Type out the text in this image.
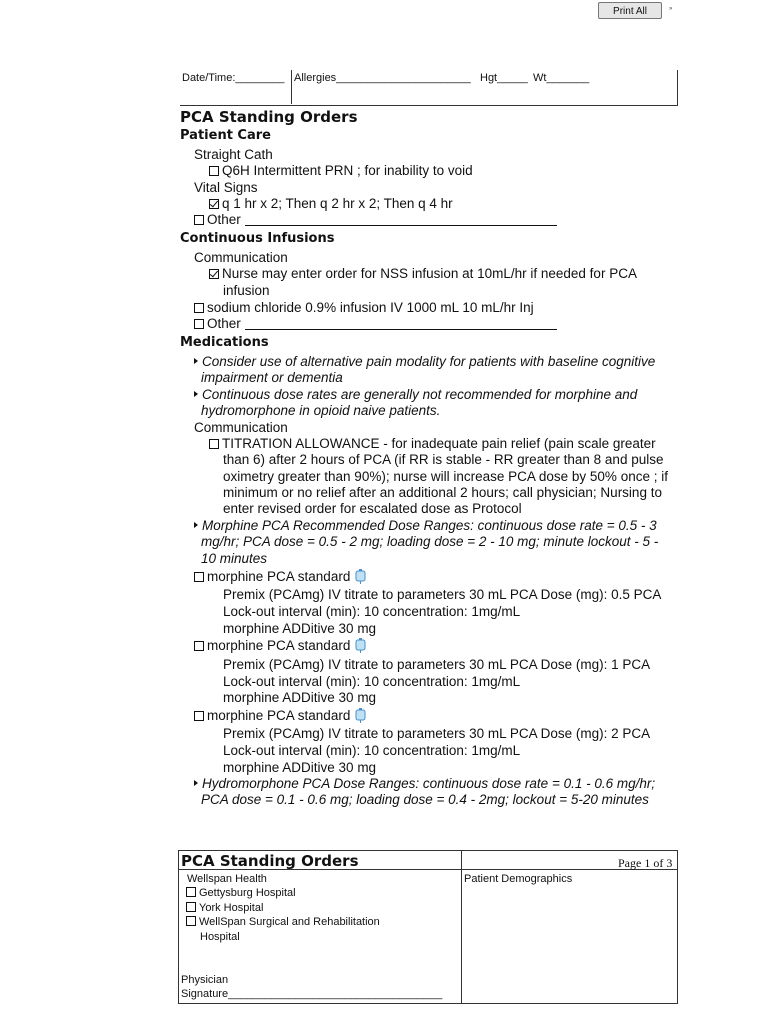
Print All	»
Date/Time:________ Allergies______________________ Hgt_____ Wt_______
PCA Standing Orders
Patient Care
Straight Cath
Q6H Intermittent PRN ; for inability to void
Vital Signs
q 1 hr x 2; Then q 2 hr x 2; Then q 4 hr
Other
Continuous Infusions
Communication
Nurse may enter order for NSS infusion at 10mL/hr if needed for PCA
infusion
sodium chloride 0.9% infusion IV 1000 mL 10 mL/hr Inj
Other
Medications
Consider use of alternative pain modality for patients with baseline cognitive
impairment or dementia
Continuous dose rates are generally not recommended for morphine and
hydromorphone in opioid naive patients.
Communication
TITRATION ALLOWANCE - for inadequate pain relief (pain scale greater
than 6) after 2 hours of PCA (if RR is stable - RR greater than 8 and pulse
oximetry greater than 90%); nurse will increase PCA dose by 50% once ; if
minimum or no relief after an additional 2 hours; call physician; Nursing to
enter revised order for escalated dose as Protocol
Morphine PCA Recommended Dose Ranges: continuous dose rate = 0.5 - 3
mg/hr; PCA dose = 0.5 - 2 mg; loading dose = 2 - 10 mg; minute lockout - 5 -
10 minutes
morphine PCA standard
Premix (PCAmg) IV titrate to parameters 30 mL PCA Dose (mg): 0.5 PCA
Lock-out interval (min): 10 concentration: 1mg/mL
morphine ADDitive 30 mg
morphine PCA standard
Premix (PCAmg) IV titrate to parameters 30 mL PCA Dose (mg): 1 PCA
Lock-out interval (min): 10 concentration: 1mg/mL
morphine ADDitive 30 mg
morphine PCA standard
Premix (PCAmg) IV titrate to parameters 30 mL PCA Dose (mg): 2 PCA
Lock-out interval (min): 10 concentration: 1mg/mL
morphine ADDitive 30 mg
Hydromorphone PCA Dose Ranges: continuous dose rate = 0.1 - 0.6 mg/hr;
PCA dose = 0.1 - 0.6 mg; loading dose = 0.4 - 2mg; lockout = 5-20 minutes
PCA Standing Orders	Page 1 of 3
Wellspan Health
Gettysburg Hospital
York Hospital
WellSpan Surgical and Rehabilitation
Hospital
Patient Demographics
Physician
Signature___________________________________
